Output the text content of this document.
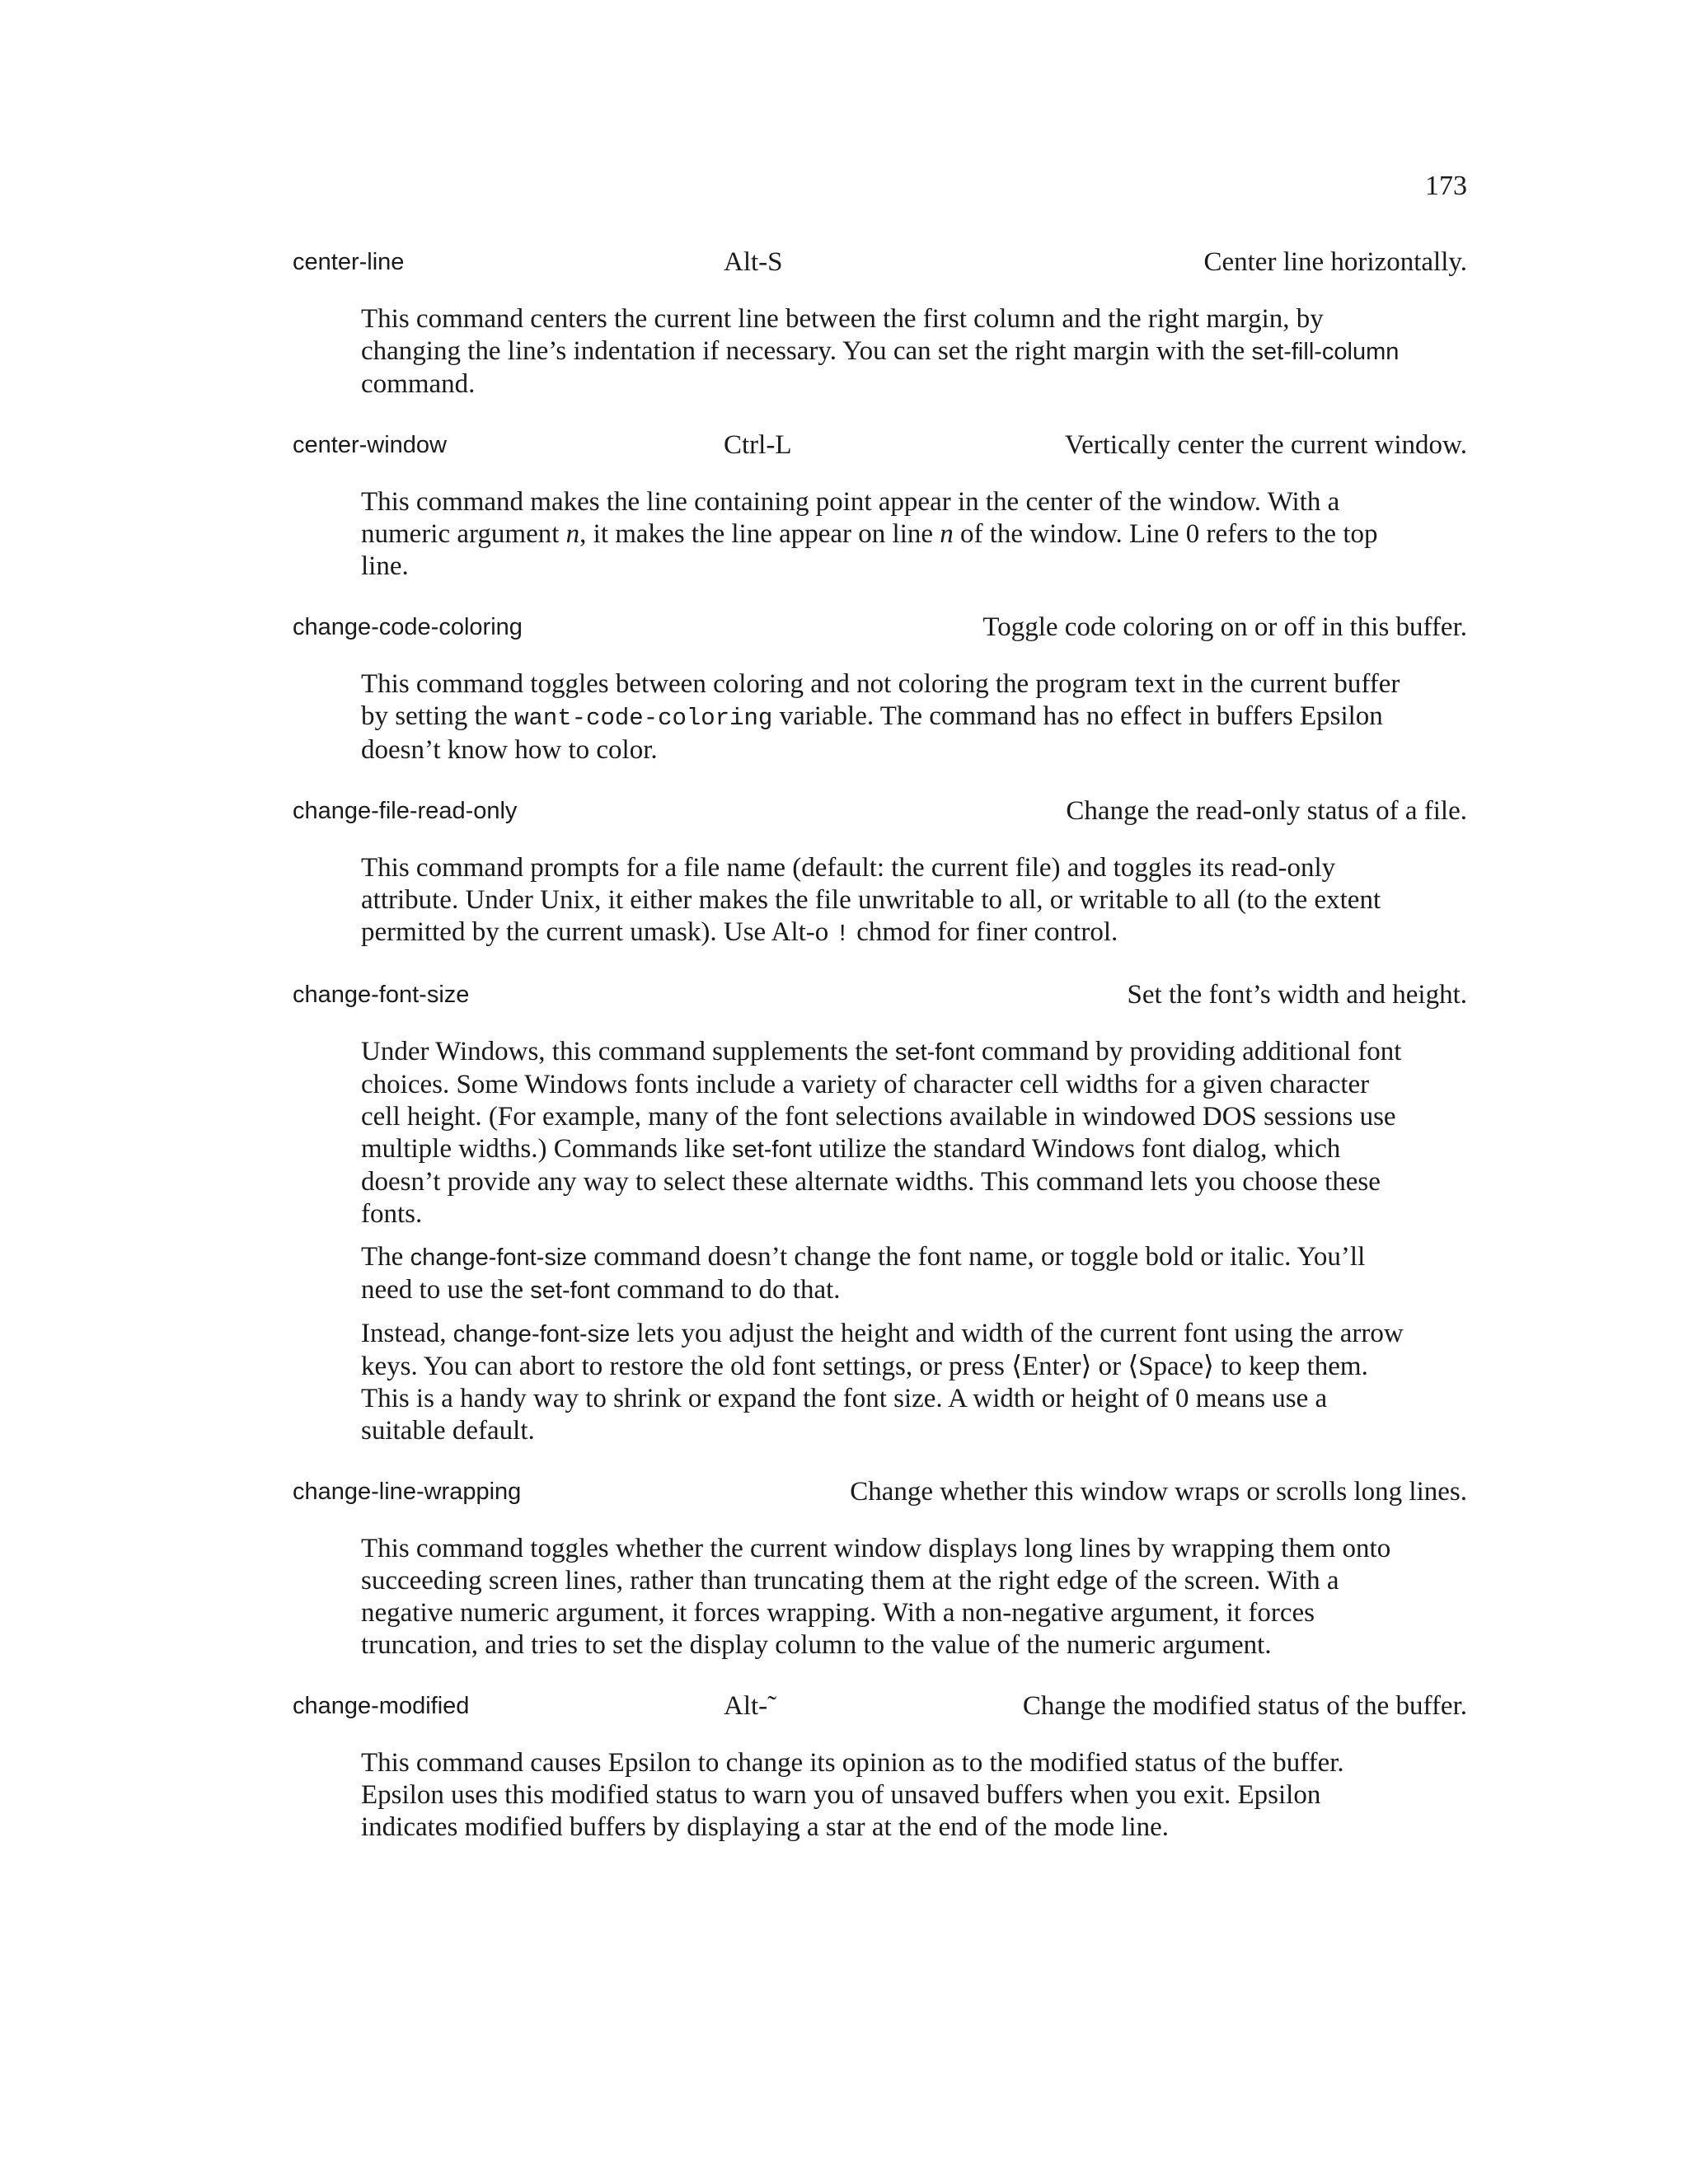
173
center-line	Alt-S	Center line horizontally.

This command centers the current line between the first column and the right margin, by changing the line’s indentation if necessary. You can set the right margin with the set-fill-column command.

center-window	Ctrl-L	Vertically center the current window.

This command makes the line containing point appear in the center of the window. With a numeric argument n, it makes the line appear on line n of the window. Line 0 refers to the top line.

change-code-coloring	Toggle code coloring on or off in this buffer.

This command toggles between coloring and not coloring the program text in the current buffer by setting the want-code-coloring variable. The command has no effect in buffers Epsilon doesn’t know how to color.

change-file-read-only	Change the read-only status of a file.

This command prompts for a file name (default: the current file) and toggles its read-only attribute. Under Unix, it either makes the file unwritable to all, or writable to all (to the extent permitted by the current umask). Use Alt-o ! chmod for finer control.

change-font-size	Set the font’s width and height.

Under Windows, this command supplements the set-font command by providing additional font choices. Some Windows fonts include a variety of character cell widths for a given character cell height. (For example, many of the font selections available in windowed DOS sessions use multiple widths.) Commands like set-font utilize the standard Windows font dialog, which doesn’t provide any way to select these alternate widths. This command lets you choose these fonts.

The change-font-size command doesn’t change the font name, or toggle bold or italic. You’ll need to use the set-font command to do that.

Instead, change-font-size lets you adjust the height and width of the current font using the arrow keys. You can abort to restore the old font settings, or press ⟨Enter⟩ or ⟨Space⟩ to keep them. This is a handy way to shrink or expand the font size. A width or height of 0 means use a suitable default.

change-line-wrapping	Change whether this window wraps or scrolls long lines.

This command toggles whether the current window displays long lines by wrapping them onto succeeding screen lines, rather than truncating them at the right edge of the screen. With a negative numeric argument, it forces wrapping. With a non-negative argument, it forces truncation, and tries to set the display column to the value of the numeric argument.

change-modified	Alt-˜	Change the modified status of the buffer.

This command causes Epsilon to change its opinion as to the modified status of the buffer. Epsilon uses this modified status to warn you of unsaved buffers when you exit. Epsilon indicates modified buffers by displaying a star at the end of the mode line.
